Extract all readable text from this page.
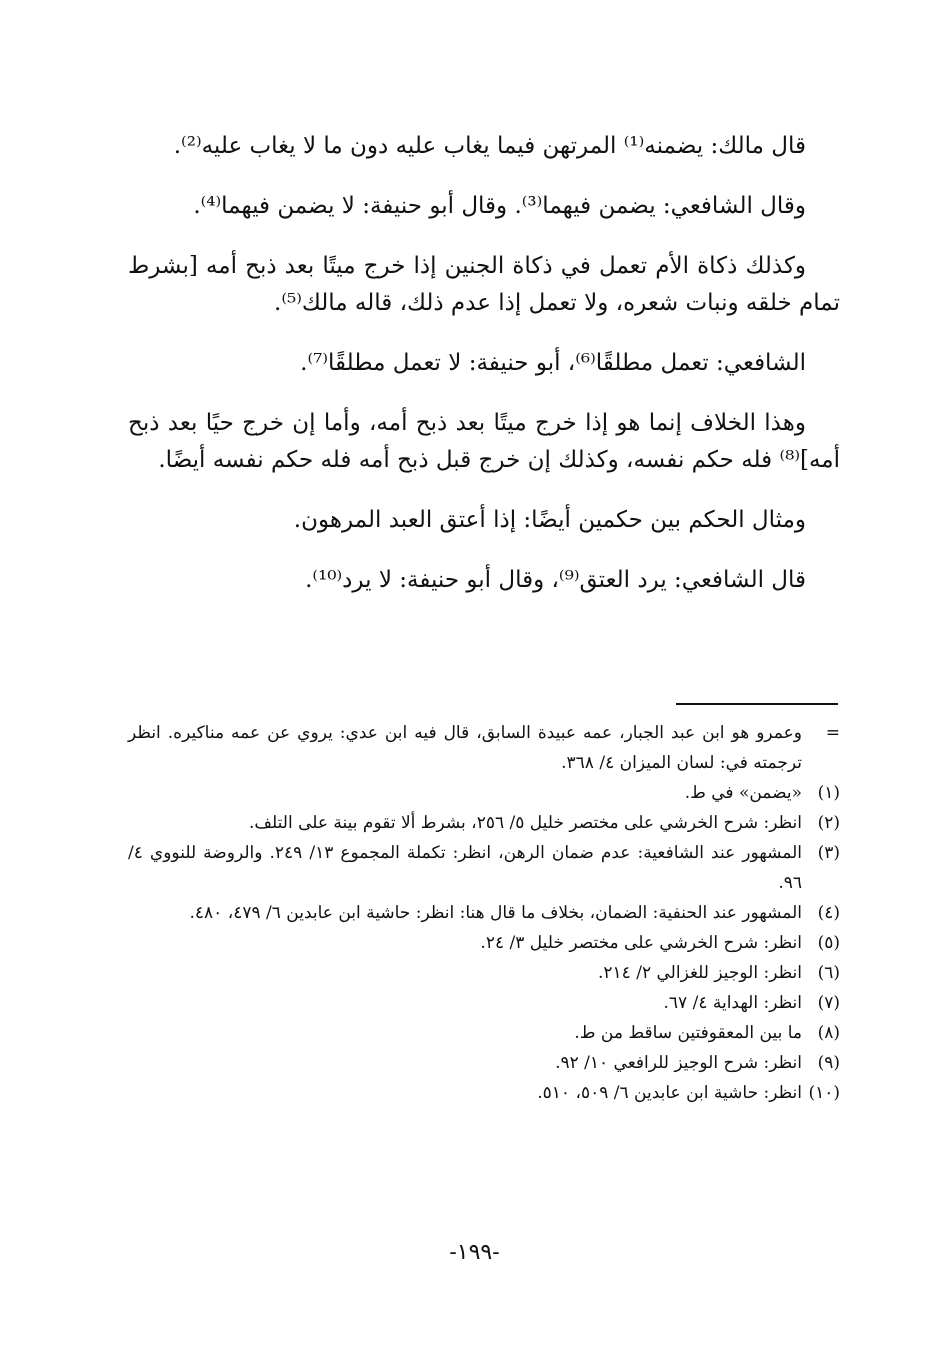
قال مالك: يضمنه⁽¹⁾ المرتهن فيما يغاب عليه دون ما لا يغاب عليه⁽²⁾.

وقال الشافعي: يضمن فيهما⁽³⁾. وقال أبو حنيفة: لا يضمن فيهما⁽⁴⁾.

وكذلك ذكاة الأم تعمل في ذكاة الجنين إذا خرج ميتًا بعد ذبح أمه [بشرط تمام خلقه ونبات شعره، ولا تعمل إذا عدم ذلك، قاله مالك⁽⁵⁾.

الشافعي: تعمل مطلقًا⁽⁶⁾، أبو حنيفة: لا تعمل مطلقًا⁽⁷⁾.

وهذا الخلاف إنما هو إذا خرج ميتًا بعد ذبح أمه، وأما إن خرج حيًا بعد ذبح أمه]⁽⁸⁾ فله حكم نفسه، وكذلك إن خرج قبل ذبح أمه فله حكم نفسه أيضًا.

ومثال الحكم بين حكمين أيضًا: إذا أعتق العبد المرهون.

قال الشافعي: يرد العتق⁽⁹⁾، وقال أبو حنيفة: لا يرد⁽¹⁰⁾.

=
وعمرو هو ابن عبد الجبار، عمه عبيدة السابق، قال فيه ابن عدي: يروي عن عمه مناكيره. انظر ترجمته في: لسان الميزان ٤/ ٣٦٨.
(١)
«يضمن» في ط.
(٢)
انظر: شرح الخرشي على مختصر خليل ٥/ ٢٥٦، بشرط ألا تقوم بينة على التلف.
(٣)
المشهور عند الشافعية: عدم ضمان الرهن، انظر: تكملة المجموع ١٣/ ٢٤٩. والروضة للنووي ٤/ ٩٦.
(٤)
المشهور عند الحنفية: الضمان، بخلاف ما قال هنا: انظر: حاشية ابن عابدين ٦/ ٤٧٩، ٤٨٠.
(٥)
انظر: شرح الخرشي على مختصر خليل ٣/ ٢٤.
(٦)
انظر: الوجيز للغزالي ٢/ ٢١٤.
(٧)
انظر: الهداية ٤/ ٦٧.
(٨)
ما بين المعقوفتين ساقط من ط.
(٩)
انظر: شرح الوجيز للرافعي ١٠/ ٩٢.
(١٠)
انظر: حاشية ابن عابدين ٦/ ٥٠٩، ٥١٠.
-١٩٩-
